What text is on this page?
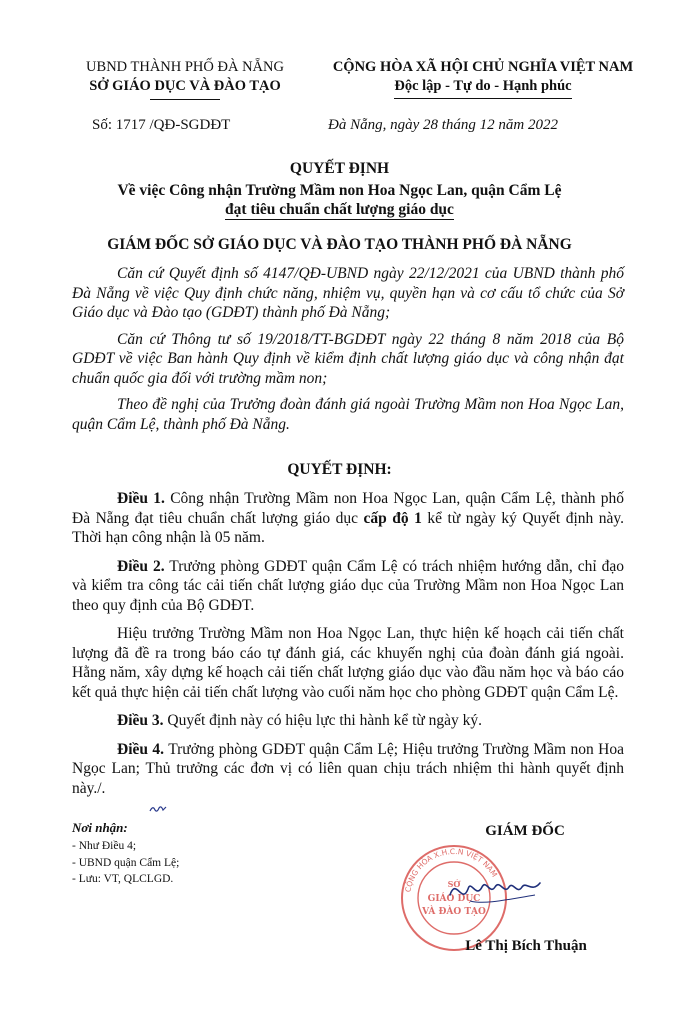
UBND THÀNH PHỐ ĐÀ NẴNG
SỞ GIÁO DỤC VÀ ĐÀO TẠO
CỘNG HÒA XÃ HỘI CHỦ NGHĨA VIỆT NAM
Độc lập - Tự do - Hạnh phúc
Số: 1717 /QĐ-SGDĐT	Đà Nẵng, ngày 28 tháng 12 năm 2022
QUYẾT ĐỊNH
Về việc Công nhận Trường Mầm non Hoa Ngọc Lan, quận Cẩm Lệ
đạt tiêu chuẩn chất lượng giáo dục
GIÁM ĐỐC SỞ GIÁO DỤC VÀ ĐÀO TẠO THÀNH PHỐ ĐÀ NẴNG

Căn cứ Quyết định số 4147/QĐ-UBND ngày 22/12/2021 của UBND thành phố Đà Nẵng về việc Quy định chức năng, nhiệm vụ, quyền hạn và cơ cấu tổ chức của Sở Giáo dục và Đào tạo (GDĐT) thành phố Đà Nẵng;

Căn cứ Thông tư số 19/2018/TT-BGDĐT ngày 22 tháng 8 năm 2018 của Bộ GDĐT về việc Ban hành Quy định về kiểm định chất lượng giáo dục và công nhận đạt chuẩn quốc gia đối với trường mầm non;

Theo đề nghị của Trưởng đoàn đánh giá ngoài Trường Mầm non Hoa Ngọc Lan, quận Cẩm Lệ, thành phố Đà Nẵng.

QUYẾT ĐỊNH:

Điều 1. Công nhận Trường Mầm non Hoa Ngọc Lan, quận Cẩm Lệ, thành phố Đà Nẵng đạt tiêu chuẩn chất lượng giáo dục cấp độ 1 kể từ ngày ký Quyết định này. Thời hạn công nhận là 05 năm.

Điều 2. Trưởng phòng GDĐT quận Cẩm Lệ có trách nhiệm hướng dẫn, chỉ đạo và kiểm tra công tác cải tiến chất lượng giáo dục của Trường Mầm non Hoa Ngọc Lan theo quy định của Bộ GDĐT.

Hiệu trưởng Trường Mầm non Hoa Ngọc Lan, thực hiện kế hoạch cải tiến chất lượng đã đề ra trong báo cáo tự đánh giá, các khuyến nghị của đoàn đánh giá ngoài. Hằng năm, xây dựng kế hoạch cải tiến chất lượng giáo dục vào đầu năm học và báo cáo kết quả thực hiện cải tiến chất lượng vào cuối năm học cho phòng GDĐT quận Cẩm Lệ.

Điều 3. Quyết định này có hiệu lực thi hành kể từ ngày ký.

Điều 4. Trưởng phòng GDĐT quận Cẩm Lệ; Hiệu trưởng Trường Mầm non Hoa Ngọc Lan; Thủ trưởng các đơn vị có liên quan chịu trách nhiệm thi hành quyết định này./.

Nơi nhận:
- Như Điều 4;
- UBND quận Cẩm Lệ;
- Lưu: VT, QLCLGD.
GIÁM ĐỐC
CỘNG HÒA X.H.C.N VIỆT NAM
SỞ
GIÁO DỤC
VÀ ĐÀO TẠO
Lê Thị Bích Thuận
